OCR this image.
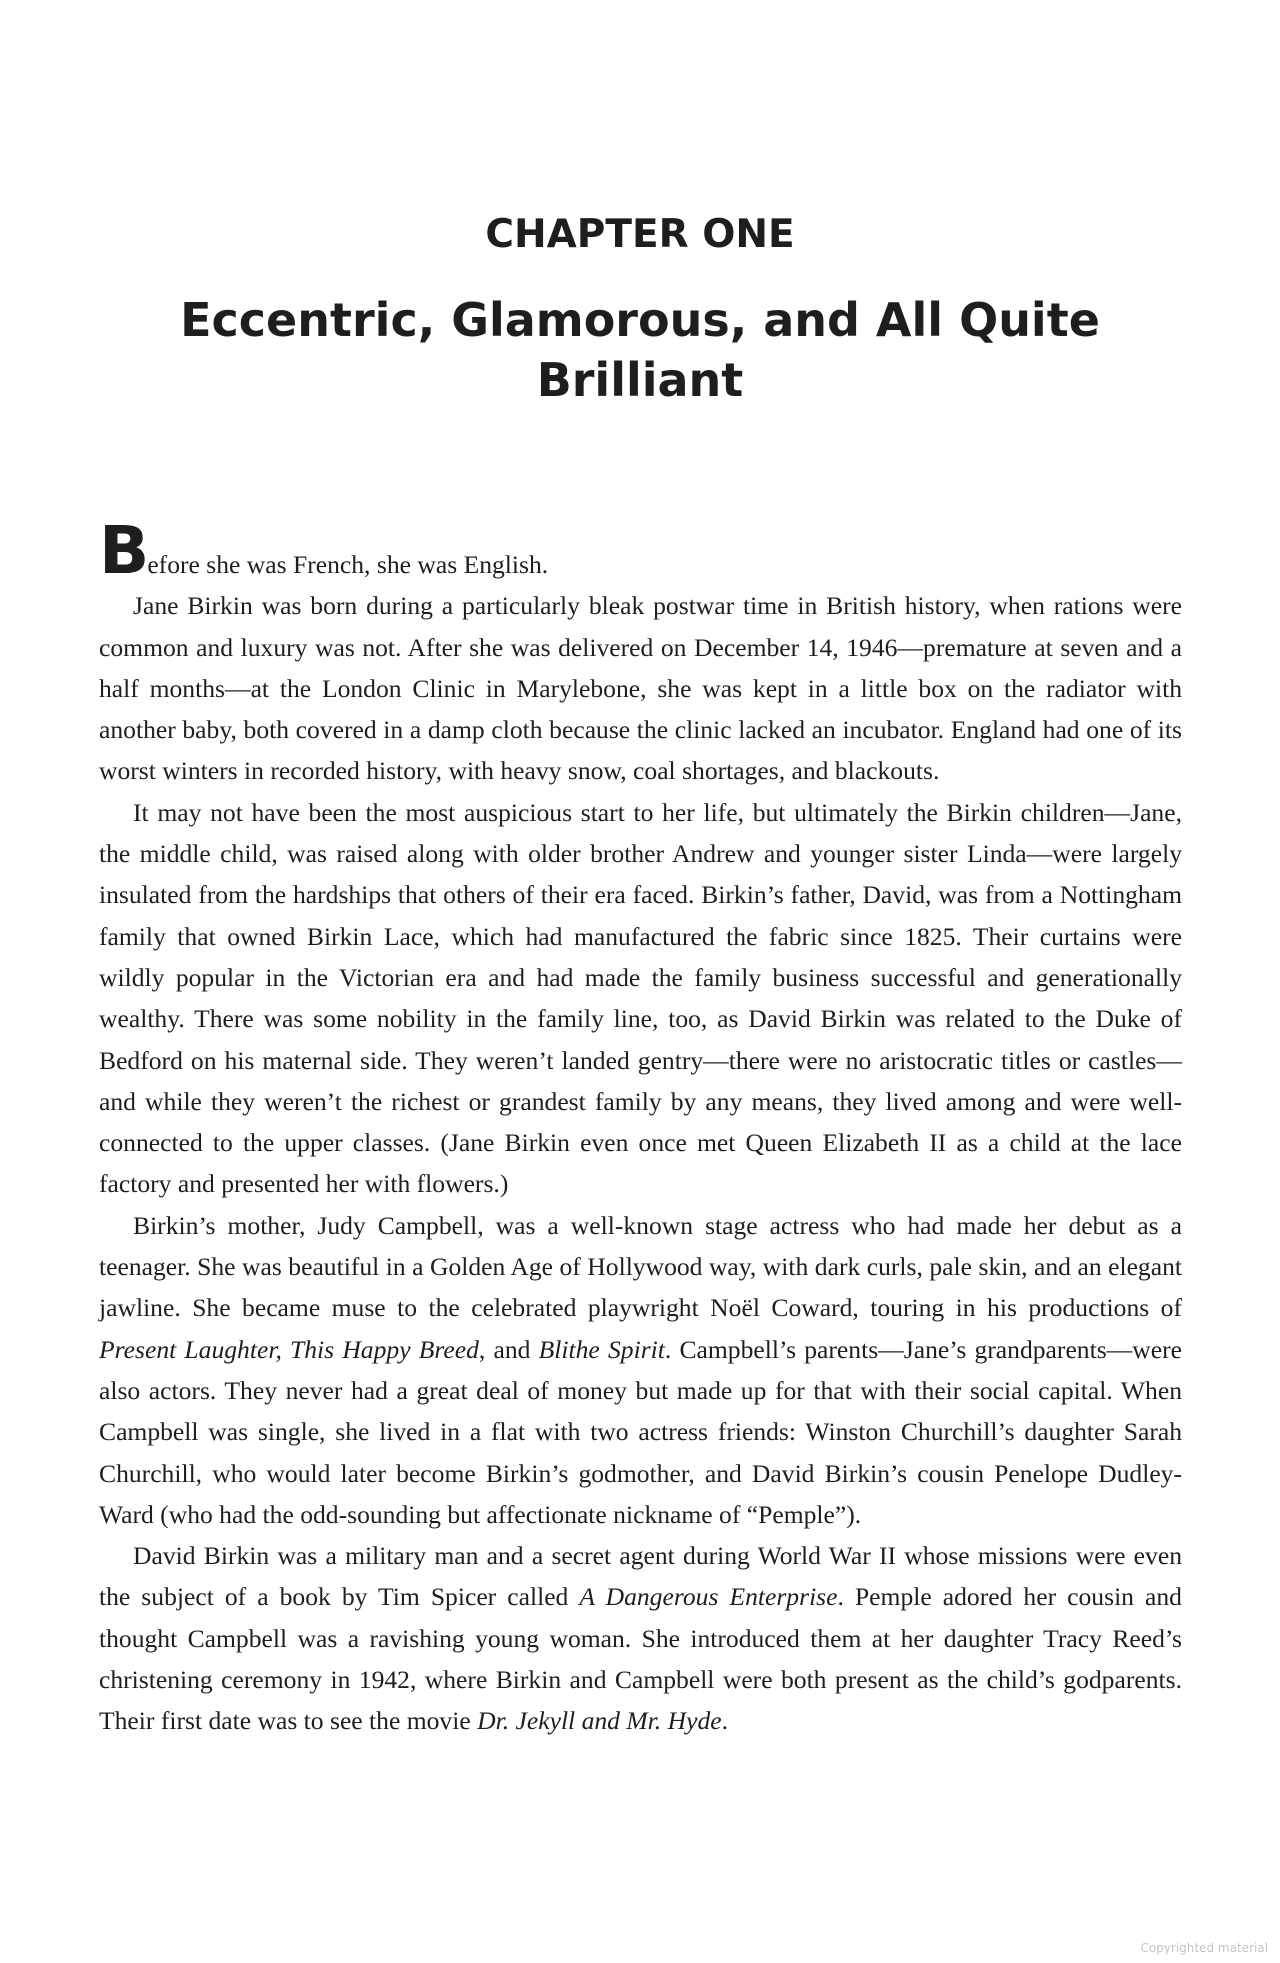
CHAPTER ONE
Eccentric, Glamorous, and All Quite Brilliant

Before she was French, she was English.

Jane Birkin was born during a particularly bleak postwar time in British history, when rations were common and luxury was not. After she was delivered on December 14, 1946—premature at seven and a half months—at the London Clinic in Marylebone, she was kept in a little box on the radiator with another baby, both covered in a damp cloth because the clinic lacked an incubator. England had one of its worst winters in recorded history, with heavy snow, coal shortages, and blackouts.

It may not have been the most auspicious start to her life, but ultimately the Birkin children—Jane, the middle child, was raised along with older brother Andrew and younger sister Linda—were largely insulated from the hardships that others of their era faced. Birkin’s father, David, was from a Nottingham family that owned Birkin Lace, which had manufactured the fabric since 1825. Their curtains were wildly popular in the Victorian era and had made the family business successful and generationally wealthy. There was some nobility in the family line, too, as David Birkin was related to the Duke of Bedford on his maternal side. They weren’t landed gentry—there were no aristocratic titles or castles—and while they weren’t the richest or grandest family by any means, they lived among and were well-connected to the upper classes. (Jane Birkin even once met Queen Elizabeth II as a child at the lace factory and presented her with flowers.)

Birkin’s mother, Judy Campbell, was a well-known stage actress who had made her debut as a teenager. She was beautiful in a Golden Age of Hollywood way, with dark curls, pale skin, and an elegant jawline. She became muse to the celebrated playwright Noël Coward, touring in his productions of Present Laughter, This Happy Breed, and Blithe Spirit. Campbell’s parents—Jane’s grandparents—were also actors. They never had a great deal of money but made up for that with their social capital. When Campbell was single, she lived in a flat with two actress friends: Winston Churchill’s daughter Sarah Churchill, who would later become Birkin’s godmother, and David Birkin’s cousin Penelope Dudley-Ward (who had the odd-sounding but affectionate nickname of “Pemple”).

David Birkin was a military man and a secret agent during World War II whose missions were even the subject of a book by Tim Spicer called A Dangerous Enterprise. Pemple adored her cousin and thought Campbell was a ravishing young woman. She introduced them at her daughter Tracy Reed’s christening ceremony in 1942, where Birkin and Campbell were both present as the child’s godparents. Their first date was to see the movie Dr. Jekyll and Mr. Hyde.

Copyrighted material
